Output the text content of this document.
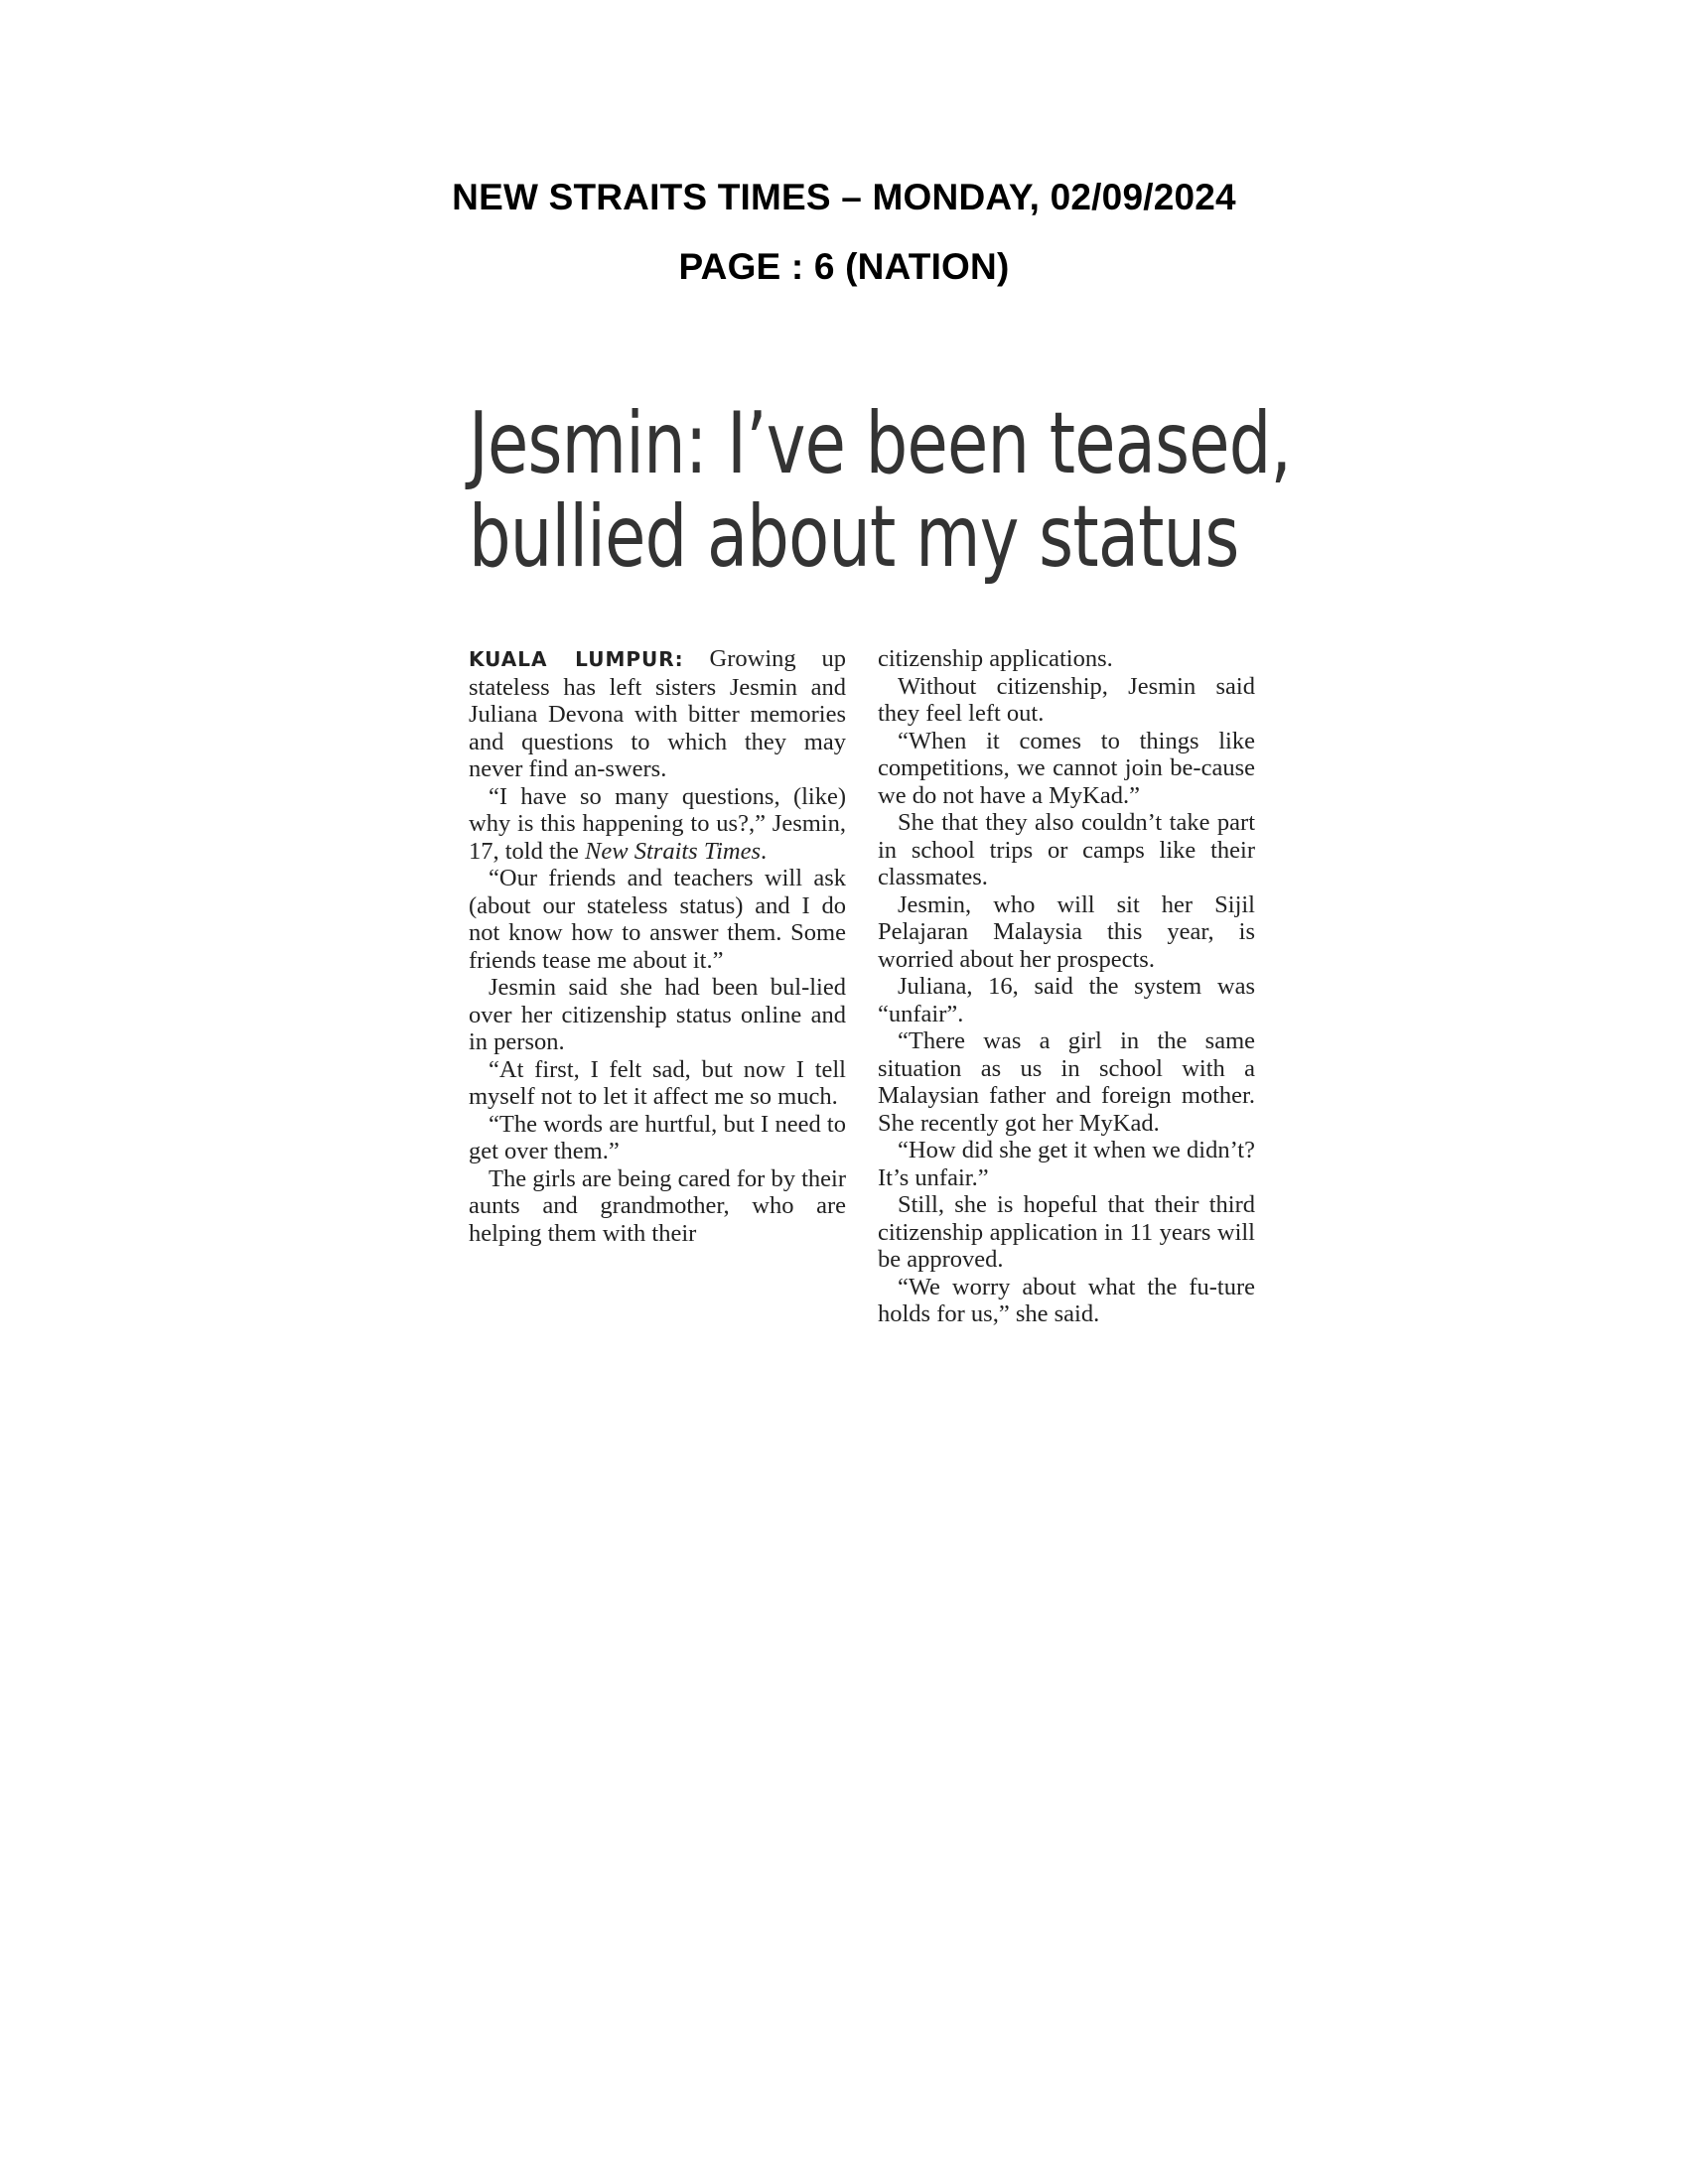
NEW STRAITS TIMES – MONDAY, 02/09/2024
PAGE : 6 (NATION)
Jesmin: I’ve been teased,
bullied about my status

KUALA LUMPUR: Growing up stateless has left sisters Jesmin and Juliana Devona with bitter memories and questions to which they may never find an-swers.

“I have so many questions, (like) why is this happening to us?,” Jesmin, 17, told the New Straits Times.

“Our friends and teachers will ask (about our stateless status) and I do not know how to answer them. Some friends tease me about it.”

Jesmin said she had been bul-lied over her citizenship status online and in person.

“At first, I felt sad, but now I tell myself not to let it affect me so much.

“The words are hurtful, but I need to get over them.”

The girls are being cared for by their aunts and grandmother, who are helping them with their

citizenship applications.

Without citizenship, Jesmin said they feel left out.

“When it comes to things like competitions, we cannot join be-cause we do not have a MyKad.”

She that they also couldn’t take part in school trips or camps like their classmates.

Jesmin, who will sit her Sijil Pelajaran Malaysia this year, is worried about her prospects.

Juliana, 16, said the system was “unfair”.

“There was a girl in the same situation as us in school with a Malaysian father and foreign mother. She recently got her MyKad.

“How did she get it when we didn’t? It’s unfair.”

Still, she is hopeful that their third citizenship application in 11 years will be approved.

“We worry about what the fu-ture holds for us,” she said.
